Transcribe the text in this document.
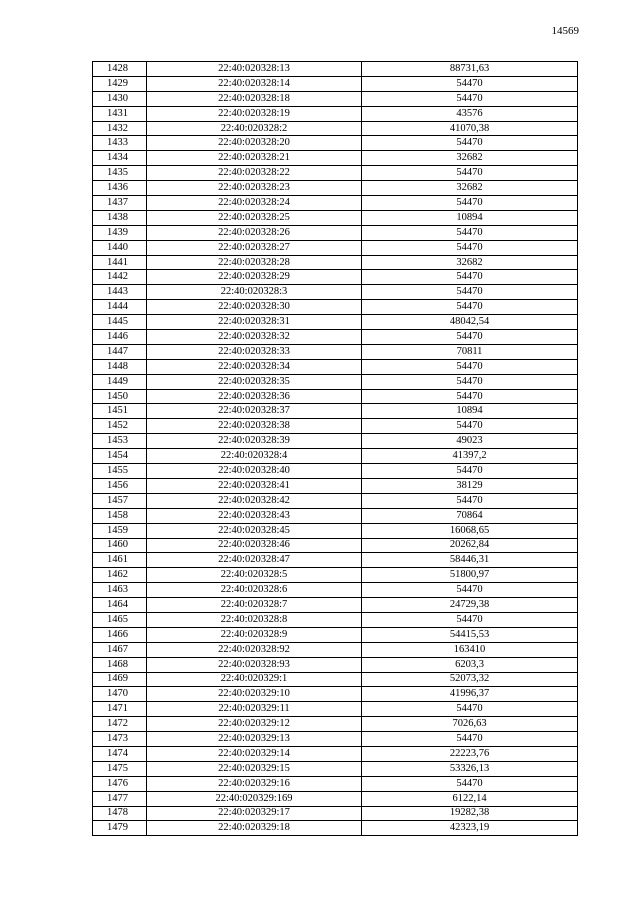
14569
1428	22:40:020328:13	88731,63
1429	22:40:020328:14	54470
1430	22:40:020328:18	54470
1431	22:40:020328:19	43576
1432	22:40:020328:2	41070,38
1433	22:40:020328:20	54470
1434	22:40:020328:21	32682
1435	22:40:020328:22	54470
1436	22:40:020328:23	32682
1437	22:40:020328:24	54470
1438	22:40:020328:25	10894
1439	22:40:020328:26	54470
1440	22:40:020328:27	54470
1441	22:40:020328:28	32682
1442	22:40:020328:29	54470
1443	22:40:020328:3	54470
1444	22:40:020328:30	54470
1445	22:40:020328:31	48042,54
1446	22:40:020328:32	54470
1447	22:40:020328:33	70811
1448	22:40:020328:34	54470
1449	22:40:020328:35	54470
1450	22:40:020328:36	54470
1451	22:40:020328:37	10894
1452	22:40:020328:38	54470
1453	22:40:020328:39	49023
1454	22:40:020328:4	41397,2
1455	22:40:020328:40	54470
1456	22:40:020328:41	38129
1457	22:40:020328:42	54470
1458	22:40:020328:43	70864
1459	22:40:020328:45	16068,65
1460	22:40:020328:46	20262,84
1461	22:40:020328:47	58446,31
1462	22:40:020328:5	51800,97
1463	22:40:020328:6	54470
1464	22:40:020328:7	24729,38
1465	22:40:020328:8	54470
1466	22:40:020328:9	54415,53
1467	22:40:020328:92	163410
1468	22:40:020328:93	6203,3
1469	22:40:020329:1	52073,32
1470	22:40:020329:10	41996,37
1471	22:40:020329:11	54470
1472	22:40:020329:12	7026,63
1473	22:40:020329:13	54470
1474	22:40:020329:14	22223,76
1475	22:40:020329:15	53326,13
1476	22:40:020329:16	54470
1477	22:40:020329:169	6122,14
1478	22:40:020329:17	19282,38
1479	22:40:020329:18	42323,19
